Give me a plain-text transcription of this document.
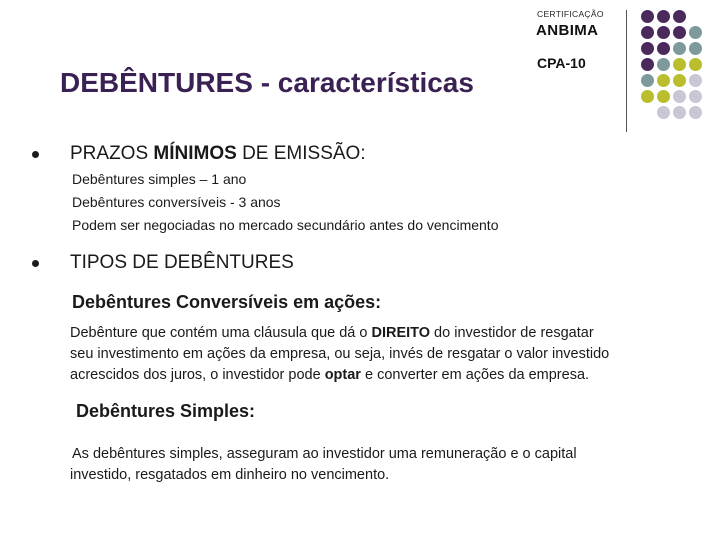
CERTIFICAÇÃO
ANBIMA
CPA-10
DEBÊNTURES - características
PRAZOS MÍNIMOS DE EMISSÃO:
Debêntures simples – 1 ano
Debêntures conversíveis - 3 anos
Podem ser negociadas no mercado secundário antes do vencimento
TIPOS DE DEBÊNTURES
Debêntures Conversíveis em ações:
Debênture que contém uma cláusula que dá o DIREITO do investidor de resgatar
seu investimento em ações da empresa, ou seja, invés de resgatar o valor investido
acrescidos dos juros, o investidor pode optar e converter em ações da empresa.
Debêntures Simples:
As debêntures simples, asseguram ao investidor uma remuneração e o capital
investido, resgatados em dinheiro no vencimento.
